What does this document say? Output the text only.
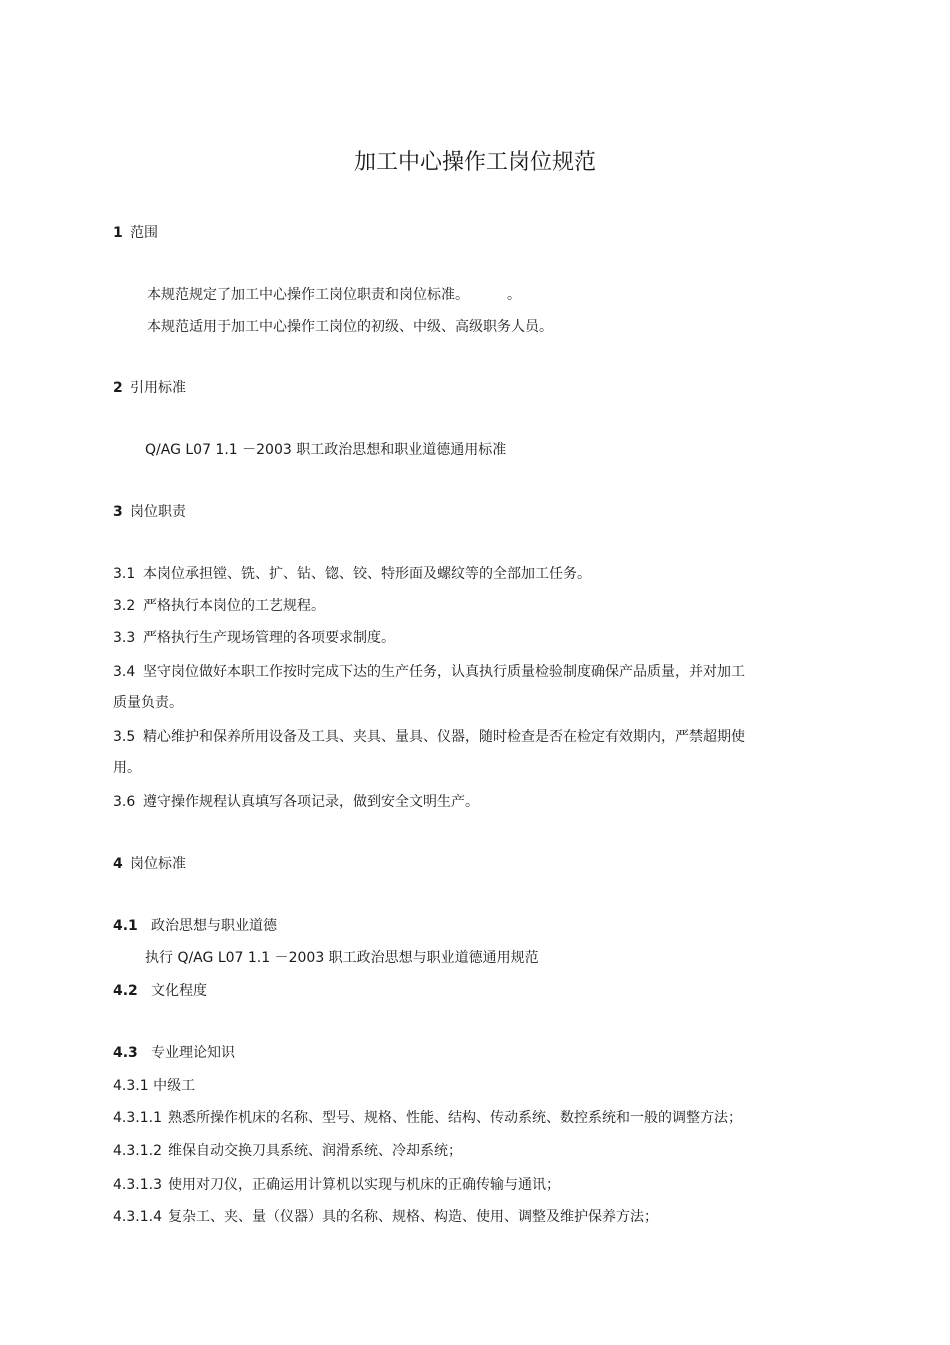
加工中心操作工岗位规范
1 范围
本规范规定了加工中心操作工岗位职责和岗位标准。	。
本规范适用于加工中心操作工岗位的初级、中级、高级职务人员。
2 引用标准
Q/AG L07 1.1 －2003 职工政治思想和职业道德通用标准
3 岗位职责
3.1 本岗位承担镗、铣、扩、钻、锪、铰、特形面及螺纹等的全部加工任务。
3.2 严格执行本岗位的工艺规程。
3.3 严格执行生产现场管理的各项要求制度。
3.4 坚守岗位做好本职工作按时完成下达的生产任务，认真执行质量检验制度确保产品质量，并对加工
质量负责。
3.5 精心维护和保养所用设备及工具、夹具、量具、仪器，随时检查是否在检定有效期内，严禁超期使
用。
3.6 遵守操作规程认真填写各项记录，做到安全文明生产。
4 岗位标准
4.1 政治思想与职业道德
执行 Q/AG L07 1.1 －2003 职工政治思想与职业道德通用规范
4.2 文化程度
4.3 专业理论知识
4.3.1 中级工
4.3.1.1 熟悉所操作机床的名称、型号、规格、性能、结构、传动系统、数控系统和一般的调整方法；
4.3.1.2 维保自动交换刀具系统、润滑系统、冷却系统；
4.3.1.3 使用对刀仪，正确运用计算机以实现与机床的正确传输与通讯；
4.3.1.4 复杂工、夹、量（仪器）具的名称、规格、构造、使用、调整及维护保养方法；
